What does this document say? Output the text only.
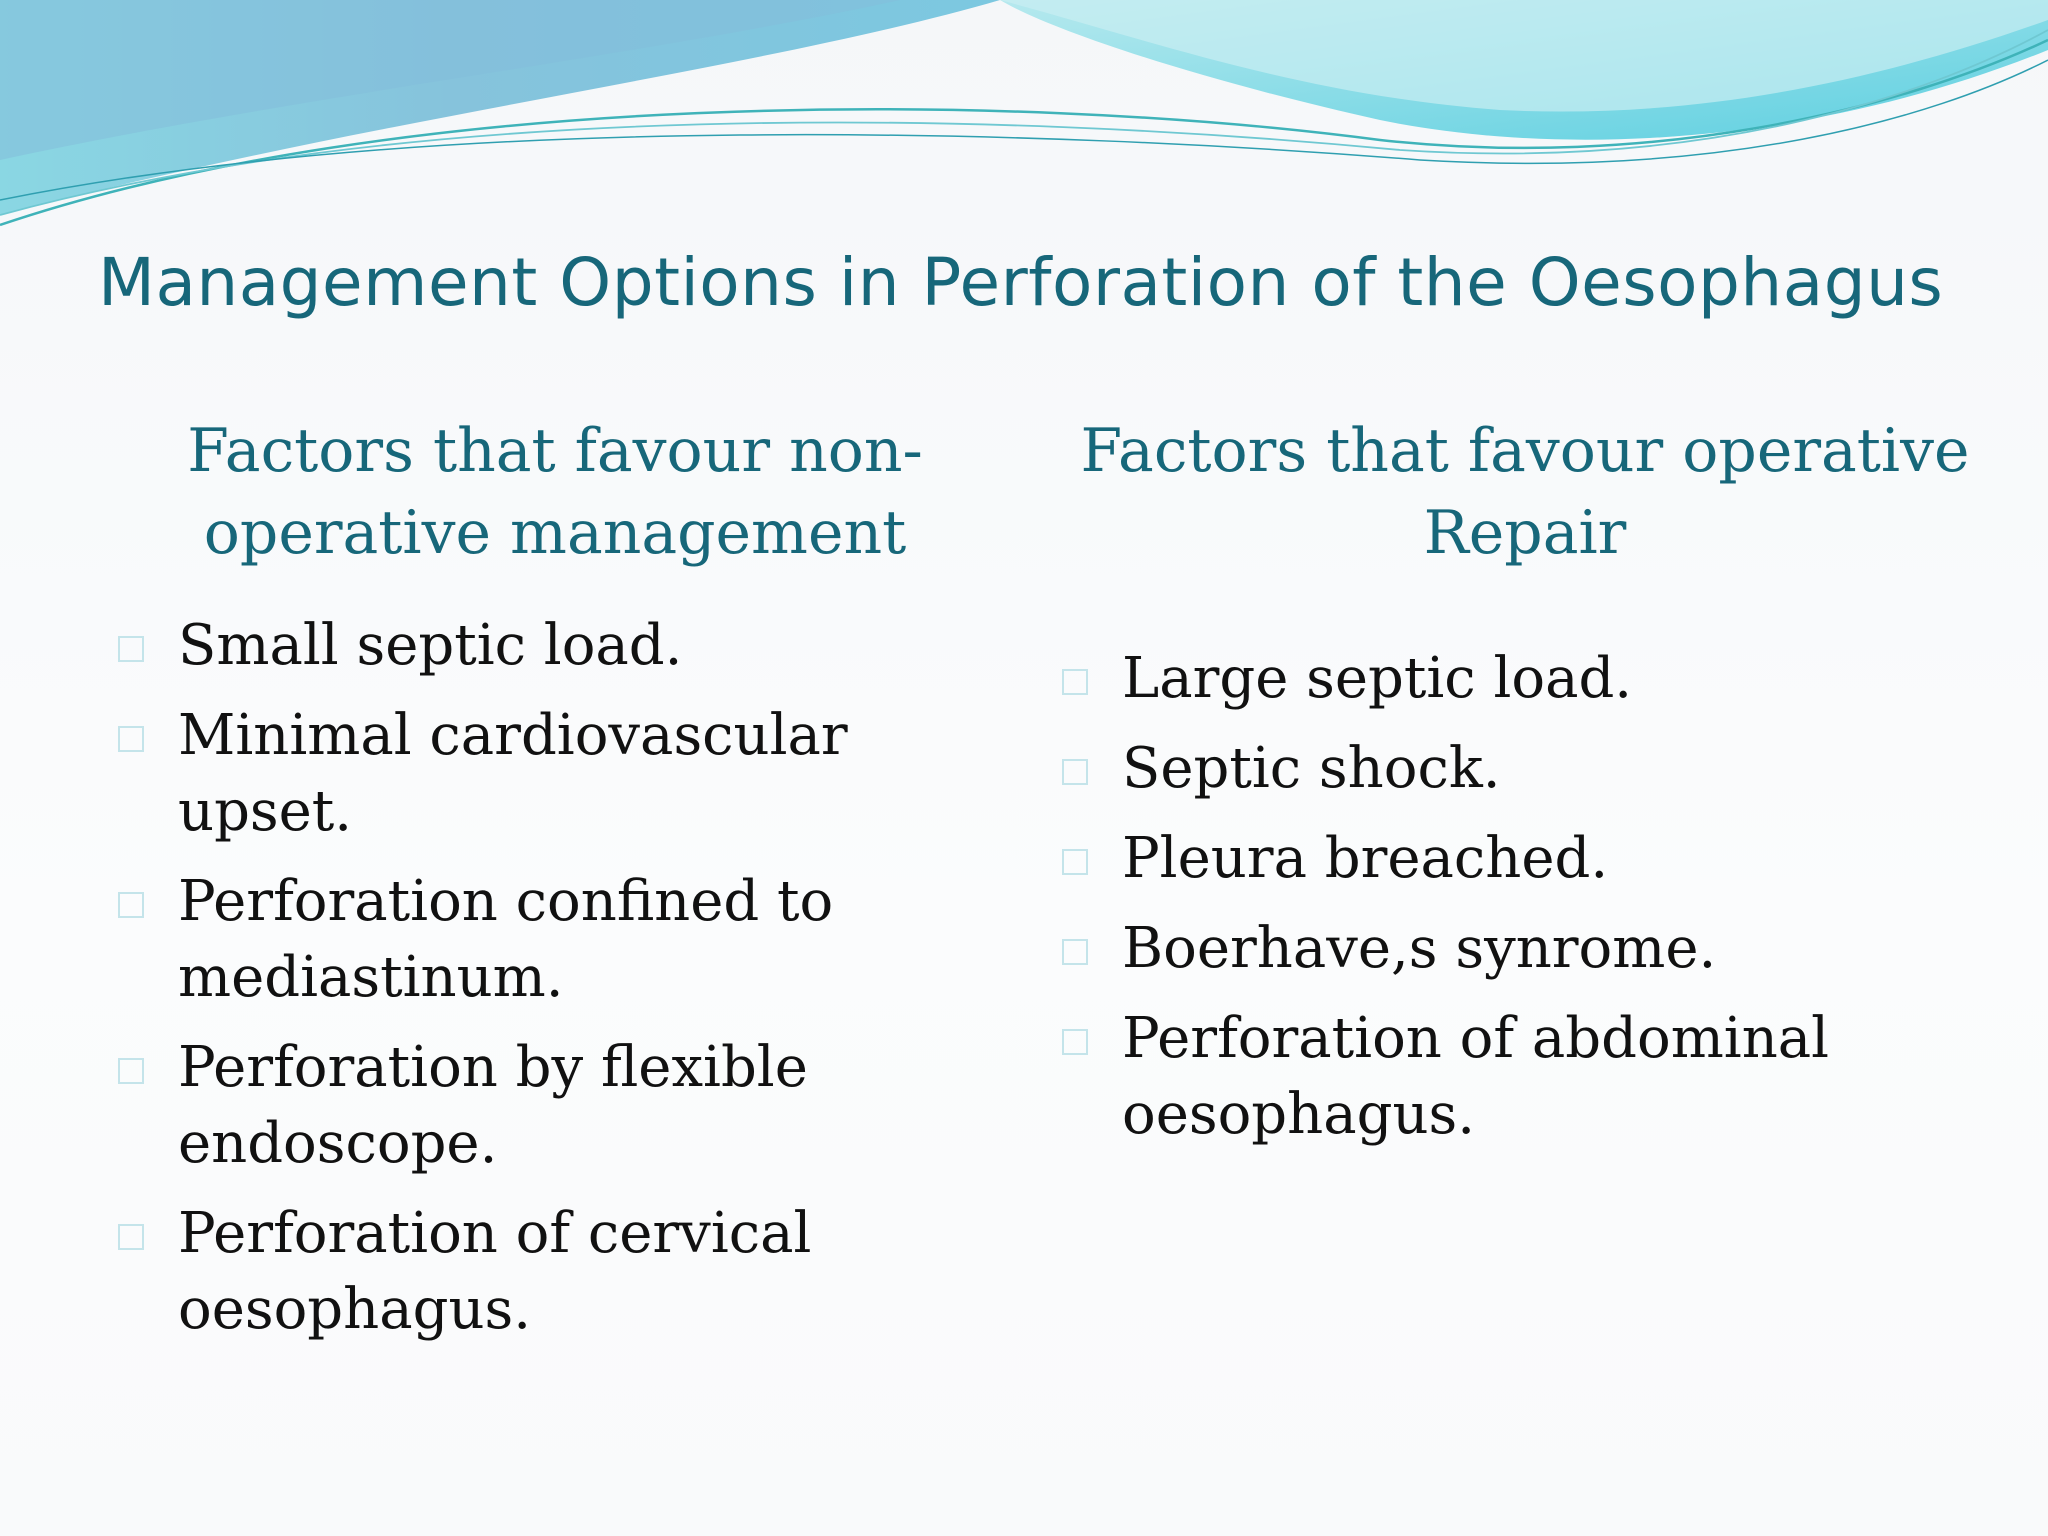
Management Options in Perforation of the Oesophagus
Factors that favour non-
operative management
Factors that favour operative
Repair
Small septic load.
Minimal cardiovascular
upset.
Perforation confined to
mediastinum.
Perforation by flexible
endoscope.
Perforation of cervical
oesophagus.
Large septic load.
Septic shock.
Pleura breached.
Boerhave,s synrome.
Perforation of abdominal
oesophagus.
